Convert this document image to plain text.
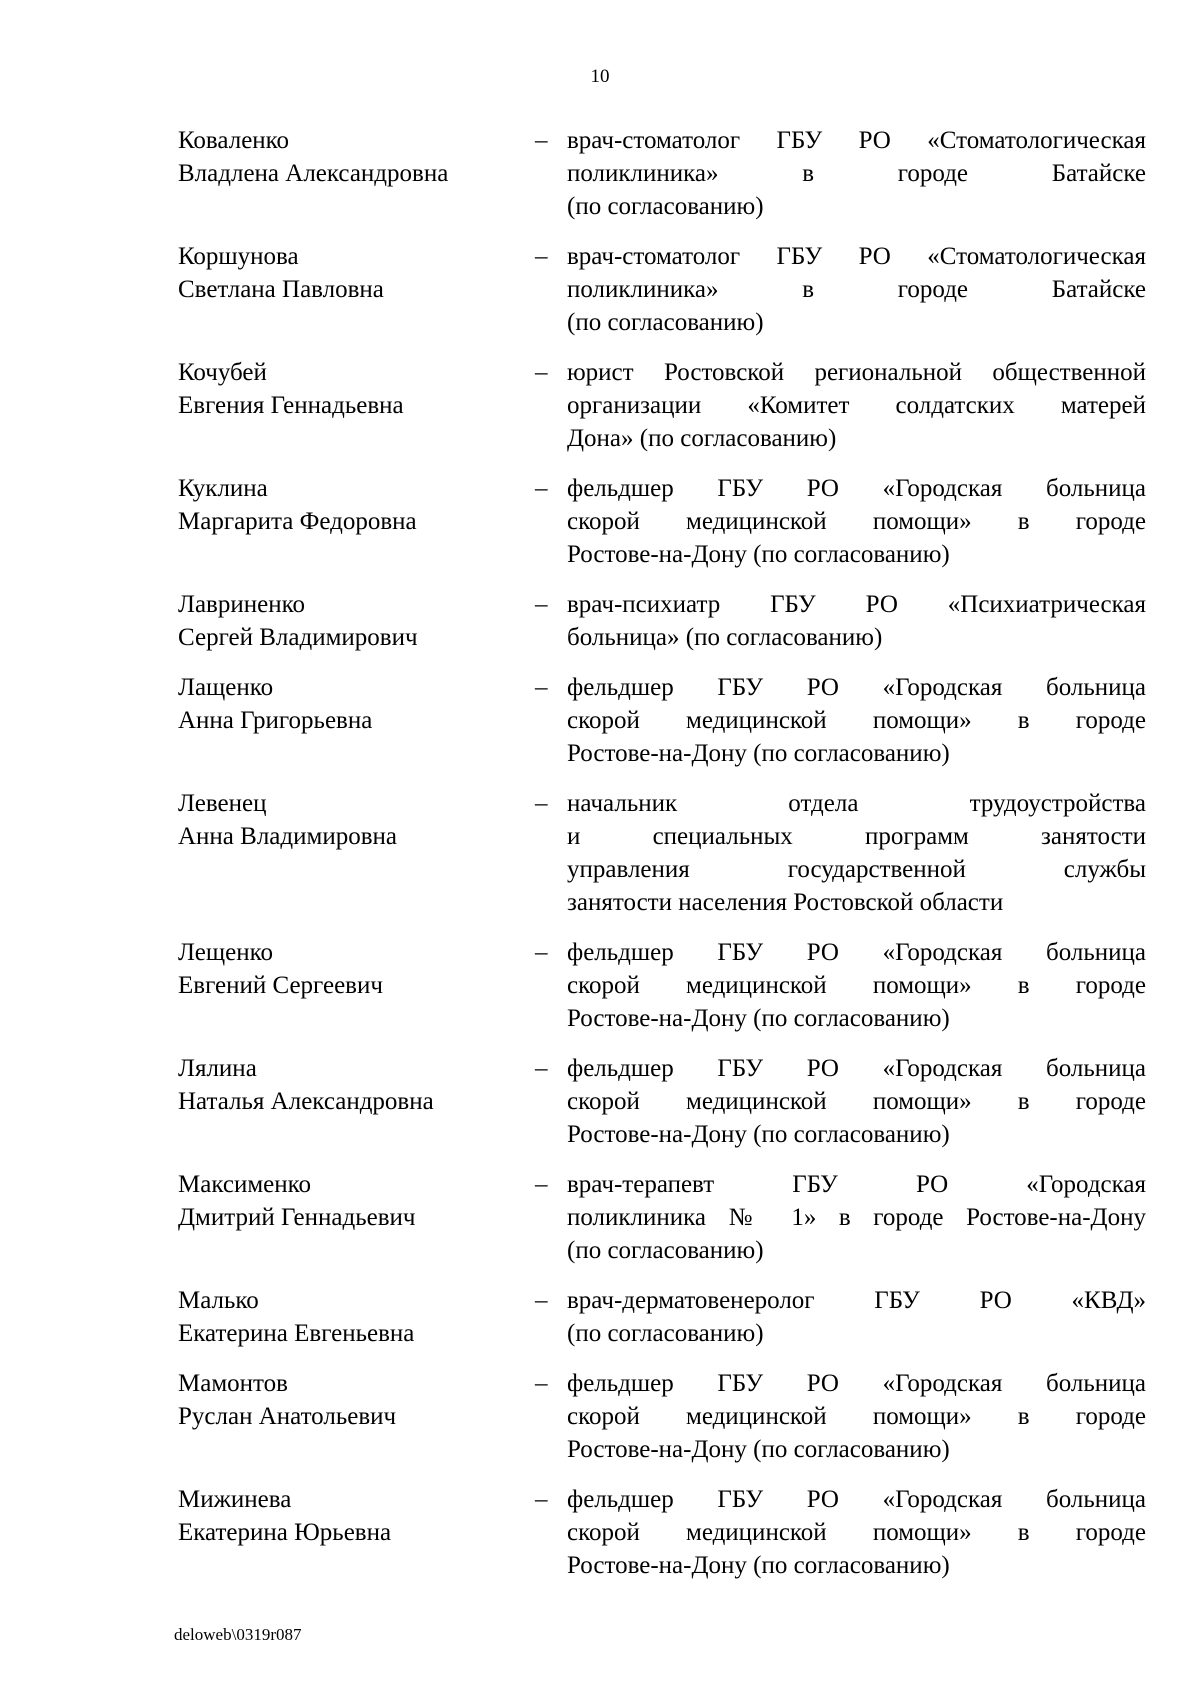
10
Коваленко
Владлена Александровна
– врач-стоматолог ГБУ РО «Стоматологическая
поликлиника» в городе Батайске
(по согласованию)
Коршунова
Светлана Павловна
– врач-стоматолог ГБУ РО «Стоматологическая
поликлиника» в городе Батайске
(по согласованию)
Кочубей
Евгения Геннадьевна
– юрист Ростовской региональной общественной
организации «Комитет солдатских матерей
Дона» (по согласованию)
Куклина
Маргарита Федоровна
– фельдшер ГБУ РО «Городская больница
скорой медицинской помощи» в городе
Ростове-на-Дону (по согласованию)
Лавриненко
Сергей Владимирович
– врач-психиатр ГБУ РО «Психиатрическая
больница» (по согласованию)
Лащенко
Анна Григорьевна
– фельдшер ГБУ РО «Городская больница
скорой медицинской помощи» в городе
Ростове-на-Дону (по согласованию)
Левенец
Анна Владимировна
– начальник отдела трудоустройства
и специальных программ занятости
управления государственной службы
занятости населения Ростовской области
Лещенко
Евгений Сергеевич
– фельдшер ГБУ РО «Городская больница
скорой медицинской помощи» в городе
Ростове-на-Дону (по согласованию)
Лялина
Наталья Александровна
– фельдшер ГБУ РО «Городская больница
скорой медицинской помощи» в городе
Ростове-на-Дону (по согласованию)
Максименко
Дмитрий Геннадьевич
– врач-терапевт ГБУ РО «Городская
поликлиника № 1» в городе Ростове-на-Дону
(по согласованию)
Малько
Екатерина Евгеньевна
– врач-дерматовенеролог ГБУ РО «КВД»
(по согласованию)
Мамонтов
Руслан Анатольевич
– фельдшер ГБУ РО «Городская больница
скорой медицинской помощи» в городе
Ростове-на-Дону (по согласованию)
Мижинева
Екатерина Юрьевна
– фельдшер ГБУ РО «Городская больница
скорой медицинской помощи» в городе
Ростове-на-Дону (по согласованию)
deloweb\0319r087
